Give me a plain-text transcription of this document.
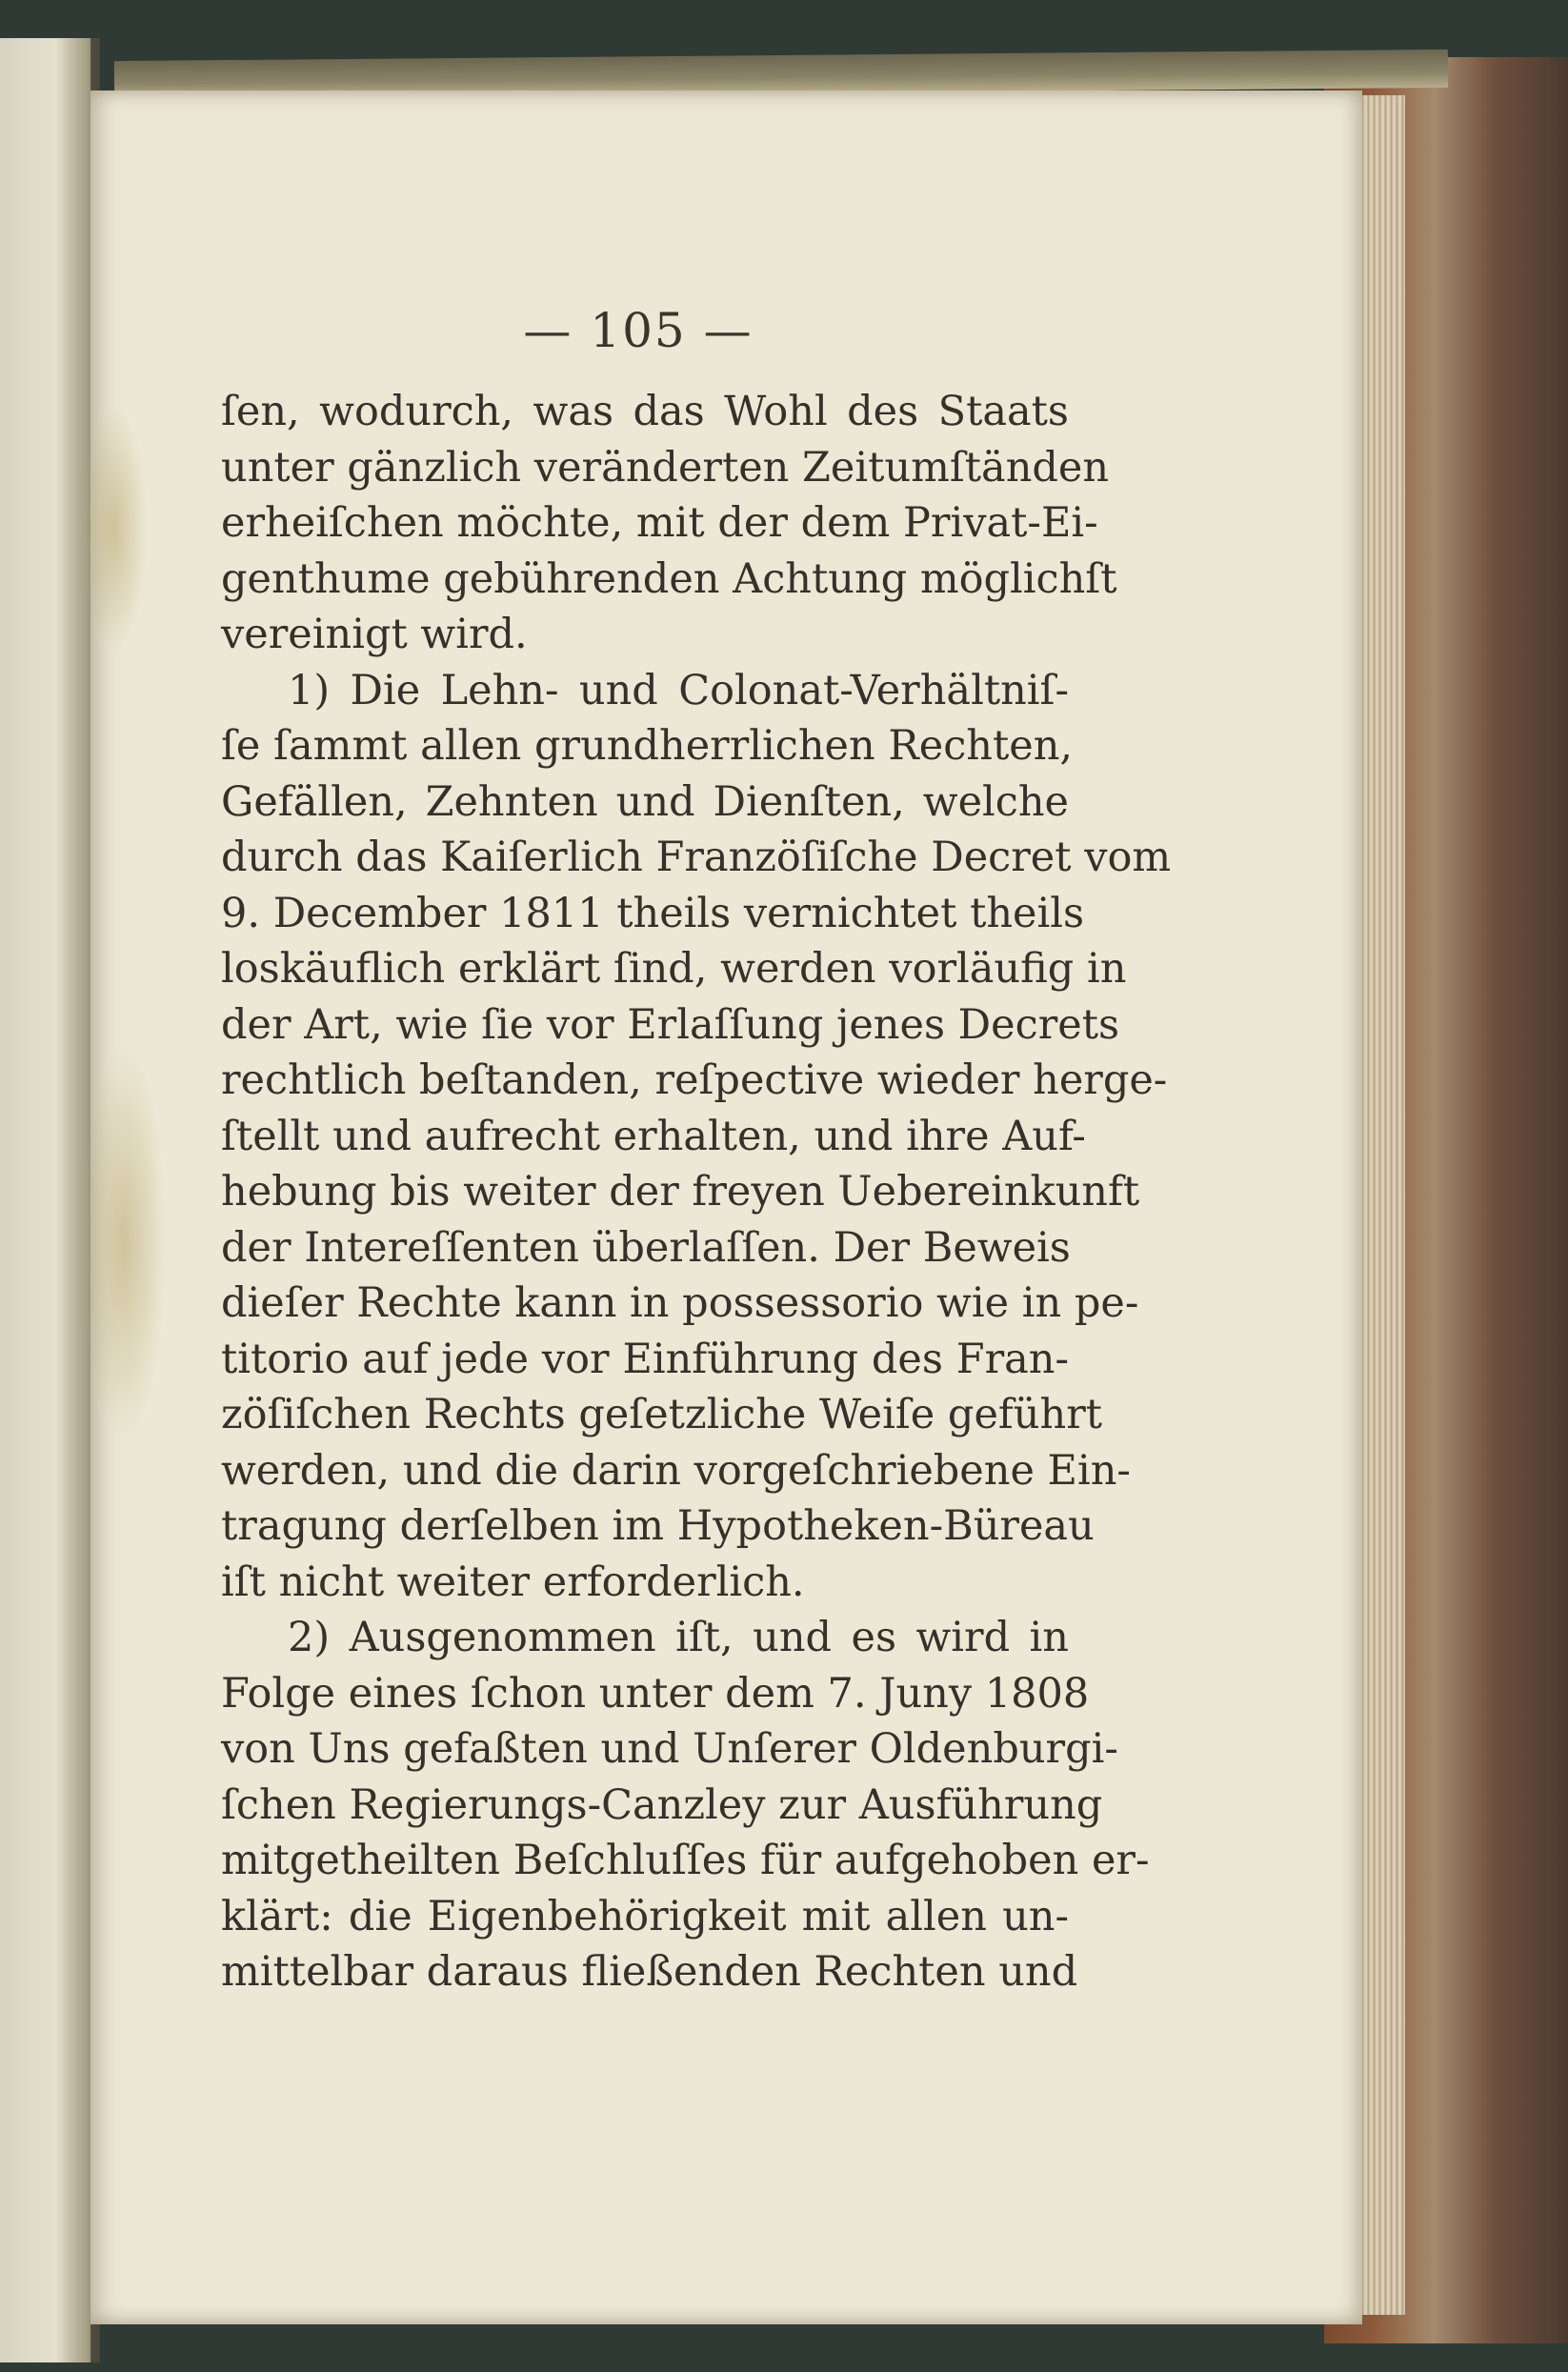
— 105 —
ſen, wodurch, was das Wohl des Staats
unter gänzlich veränderten Zeitumſtänden
erheiſchen möchte, mit der dem Privat-Ei-
genthume gebührenden Achtung möglichſt
vereinigt wird.
1) Die Lehn- und Colonat-Verhältniſ-
ſe ſammt allen grundherrlichen Rechten,
Gefällen, Zehnten und Dienſten, welche
durch das Kaiſerlich Franzöſiſche Decret vom
9. December 1811 theils vernichtet theils
loskäuflich erklärt ſind, werden vorläufig in
der Art, wie ſie vor Erlaſſung jenes Decrets
rechtlich beſtanden, reſpective wieder herge-
ſtellt und aufrecht erhalten, und ihre Auf-
hebung bis weiter der freyen Uebereinkunft
der Intereſſenten überlaſſen. Der Beweis
dieſer Rechte kann in possessorio wie in pe-
titorio auf jede vor Einführung des Fran-
zöſiſchen Rechts geſetzliche Weiſe geführt
werden, und die darin vorgeſchriebene Ein-
tragung derſelben im Hypotheken-Büreau
iſt nicht weiter erforderlich.
2) Ausgenommen iſt, und es wird in
Folge eines ſchon unter dem 7. Juny 1808
von Uns gefaßten und Unſerer Oldenburgi-
ſchen Regierungs-Canzley zur Ausführung
mitgetheilten Beſchluſſes für aufgehoben er-
klärt: die Eigenbehörigkeit mit allen un-
mittelbar daraus fließenden Rechten und
